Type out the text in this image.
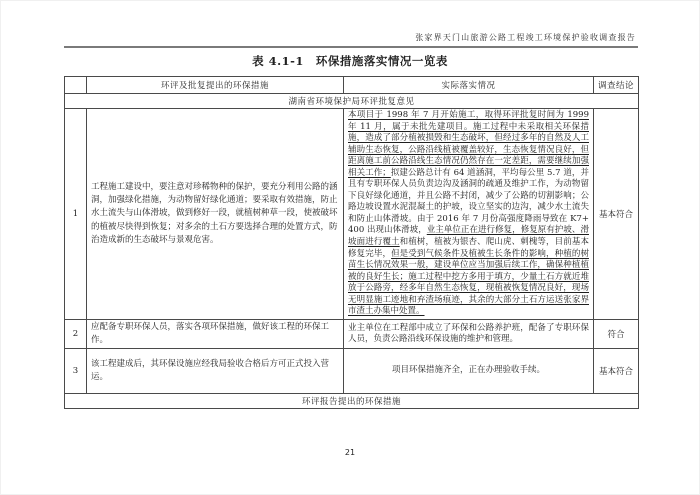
张家界天门山旅游公路工程竣工环境保护验收调查报告
表 4.1-1　环保措施落实情况一览表
	环评及批复提出的环保措施	实际落实情况	调查结论
湖南省环境保护局环评批复意见			
1	工程施工建设中，要注意对珍稀物种的保护，要充分利用公路的涵洞，加强绿化措施，为动物留好绿化通道；要采取有效措施，防止水土流失与山体滑坡，做到修好一段，就植树种草一段，使被破坏的植被尽快得到恢复；对多余的土石方要选择合理的处置方式，防治造成新的生态破坏与景观危害。	本项目于 1998 年 7 月开始施工，取得环评批复时间为 1999 年 11 月，属于未批先建项目。施工过程中未采取相关环保措施，造成了部分植被损毁和生态破坏，但经过多年的自然及人工辅助生态恢复，公路沿线植被覆盖较好，生态恢复情况良好，但距离施工前公路沿线生态情况仍然存在一定差距，需要继续加强相关工作；拟建公路总计有 64 道涵洞，平均每公里 5.7 道，并且有专职环保人员负责边沟及涵洞的疏通及维护工作，为动物留下良好绿化通道，并且公路不封闭，减少了公路的切割影响；公路边坡设置水泥混凝土的护坡，设立坚实的边沟，减少水土流失和防止山体滑坡。由于 2016 年 7 月份高强度降雨导致在 K7+400 出现山体滑坡，业主单位正在进行修复，修复原有护坡、滑坡面进行覆土和植树，植被为银杏、爬山虎、刺槐等，目前基本修复完毕，但是受到气候条件及植被生长条件的影响，种植的树苗生长情况效果一般，建设单位应当加强后续工作，确保种植植被的良好生长；施工过程中挖方多用于填方，少量土石方就近堆放于公路旁，经多年自然生态恢复，现植被恢复情况良好，现场无明显施工迹地和弃渣场痕迹，其余的大部分土石方运送张家界市渣土办集中处置。	基本符合
2	应配备专职环保人员，落实各项环保措施，做好该工程的环保工作。	业主单位在工程部中成立了环保和公路养护班，配备了专职环保人员，负责公路沿线环保设施的维护和管理。	符合
3	该工程建成后，其环保设施应经我局验收合格后方可正式投入营运。	项目环保措施齐全，正在办理验收手续。	基本符合
环评报告提出的环保措施			
21
